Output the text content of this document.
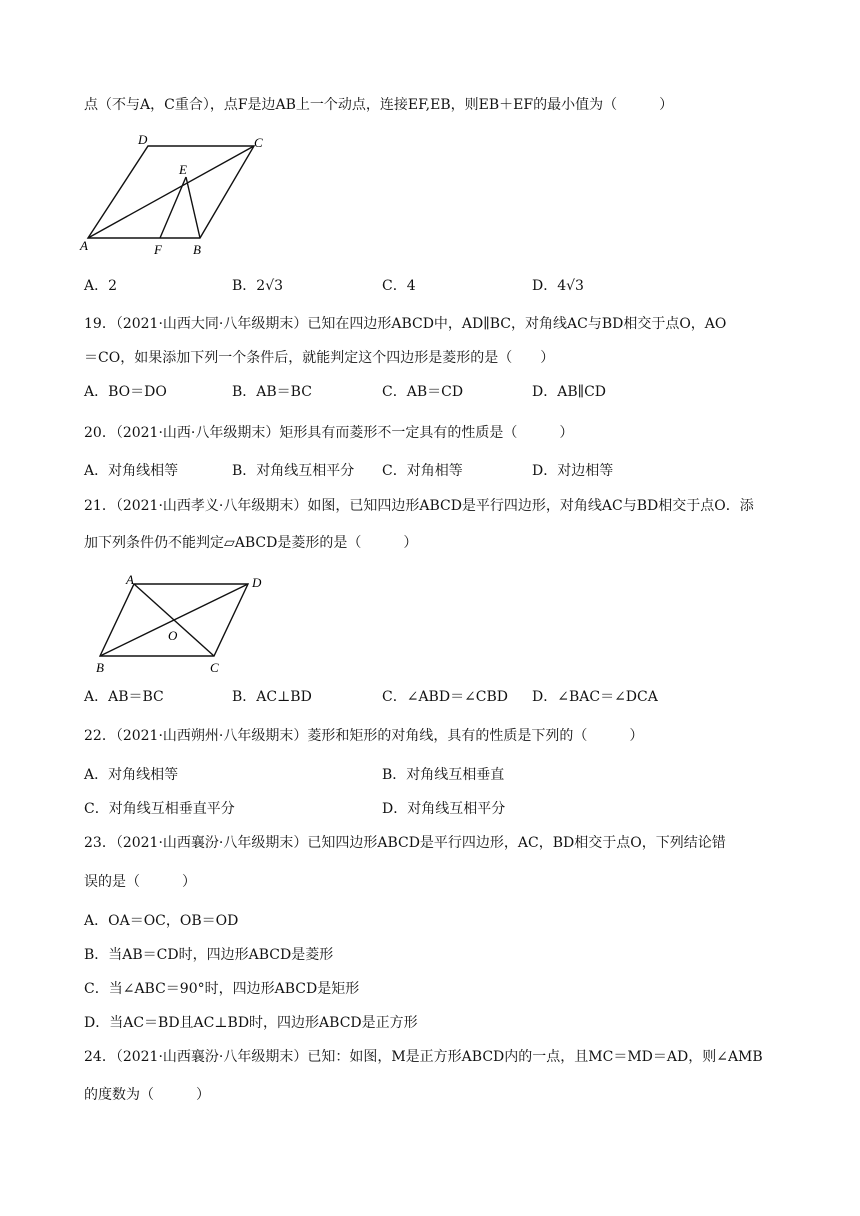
点（不与A，C重合），点F是边AB上一个动点，连接EF,EB，则EB＋EF的最小值为（　　　）
D	C
E
A	F B
A．2	B．2√3	C．4	D．4√3
19．（2021·山西大同·八年级期末）已知在四边形ABCD中，AD∥BC，对角线AC与BD相交于点O，AO
＝CO，如果添加下列一个条件后，就能判定这个四边形是菱形的是（　　）
A．BO＝DO	B．AB＝BC	C．AB＝CD	D．AB∥CD
20．（2021·山西·八年级期末）矩形具有而菱形不一定具有的性质是（　　　）
A．对角线相等	B．对角线互相平分 C．对角相等	D．对边相等
21．（2021·山西孝义·八年级期末）如图，已知四边形ABCD是平行四边形，对角线AC与BD相交于点O．添
加下列条件仍不能判定▱ABCD是菱形的是（　　　）
A	D
O
B	C
A．AB＝BC	B．AC⊥BD	C．∠ABD＝∠CBD D．∠BAC＝∠DCA
22．（2021·山西朔州·八年级期末）菱形和矩形的对角线，具有的性质是下列的（　　　）
A．对角线相等	B．对角线互相垂直
C．对角线互相垂直平分	D．对角线互相平分
23．（2021·山西襄汾·八年级期末）已知四边形ABCD是平行四边形，AC，BD相交于点O，下列结论错
误的是（　　　）
A．OA＝OC，OB＝OD
B．当AB＝CD时，四边形ABCD是菱形
C．当∠ABC＝90°时，四边形ABCD是矩形
D．当AC＝BD且AC⊥BD时，四边形ABCD是正方形
24．（2021·山西襄汾·八年级期末）已知：如图，M是正方形ABCD内的一点，且MC＝MD＝AD，则∠AMB
的度数为（　　　）
